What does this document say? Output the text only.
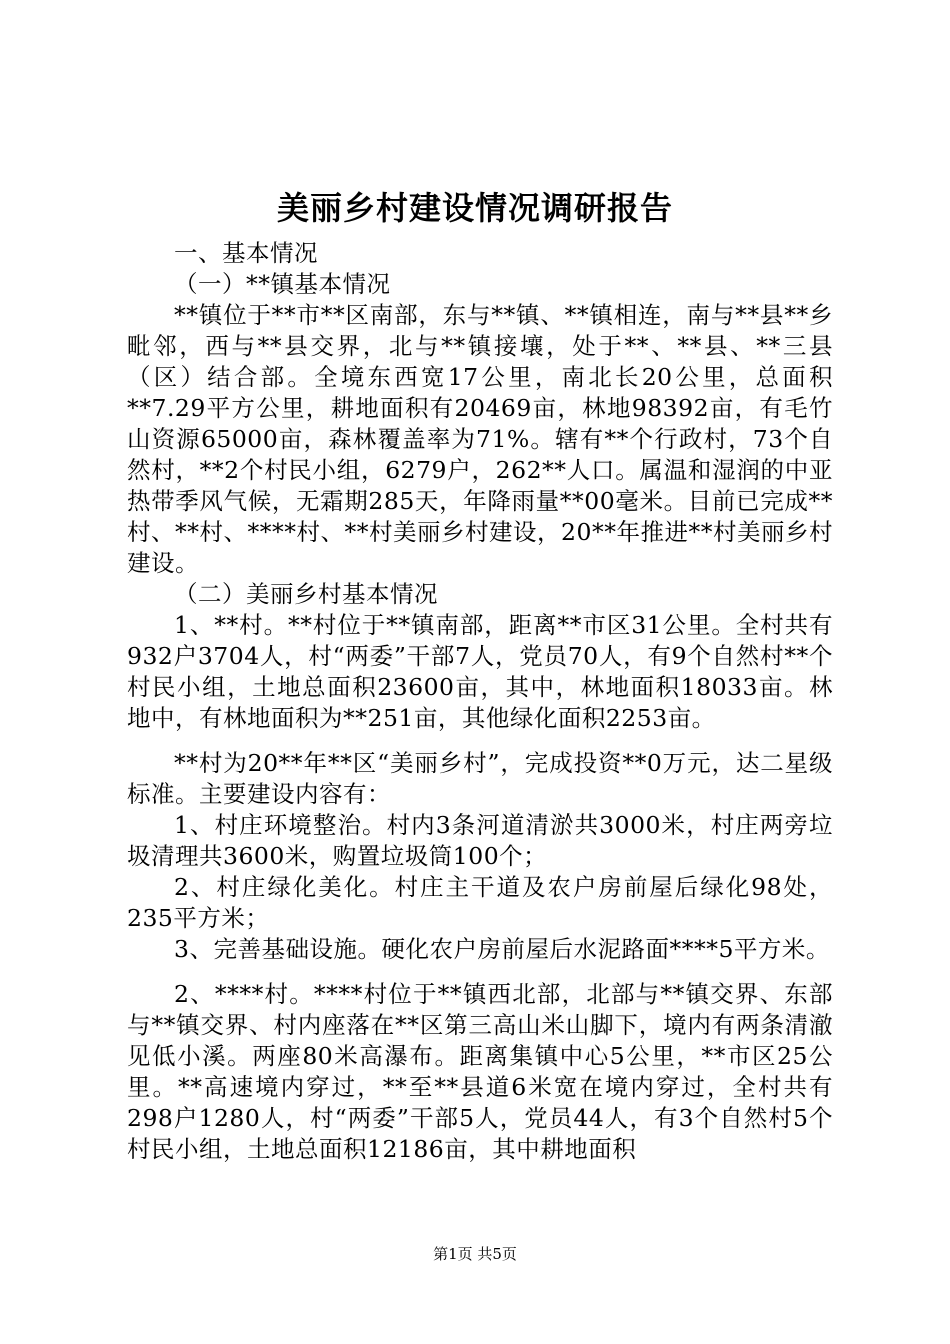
美丽乡村建设情况调研报告

一、基本情况

（一）**镇基本情况

**镇位于**市**区南部，东与**镇、**镇相连，南与**县**乡毗邻，西与**县交界，北与**镇接壤，处于**、**县、**三县（区）结合部。全境东西宽17公里，南北长20公里，总面积**7.29平方公里，耕地面积有20469亩，林地98392亩，有毛竹山资源65000亩，森林覆盖率为71%。辖有**个行政村，73个自然村，**2个村民小组，6279户，262**人口。属温和湿润的中亚热带季风气候，无霜期285天，年降雨量**00毫米。目前已完成**村、**村、****村、**村美丽乡村建设，20**年推进**村美丽乡村建设。

（二）美丽乡村基本情况

1、**村。**村位于**镇南部，距离**市区31公里。全村共有932户3704人，村“两委”干部7人，党员70人，有9个自然村**个村民小组，土地总面积23600亩，其中，林地面积18033亩。林地中，有林地面积为**251亩，其他绿化面积2253亩。

**村为20**年**区“美丽乡村”，完成投资**0万元，达二星级标准。主要建设内容有：

1、村庄环境整治。村内3条河道清淤共3000米，村庄两旁垃圾清理共3600米，购置垃圾筒100个；

2、村庄绿化美化。村庄主干道及农户房前屋后绿化98处，235平方米；

3、完善基础设施。硬化农户房前屋后水泥路面****5平方米。

2、****村。****村位于**镇西北部，北部与**镇交界、东部与**镇交界、村内座落在**区第三高山米山脚下，境内有两条清澈见低小溪。两座80米高瀑布。距离集镇中心5公里，**市区25公里。**高速境内穿过，**至**县道6米宽在境内穿过，全村共有298户1280人，村“两委”干部5人，党员44人，有3个自然村5个村民小组，土地总面积12186亩，其中耕地面积

第1页 共5页
